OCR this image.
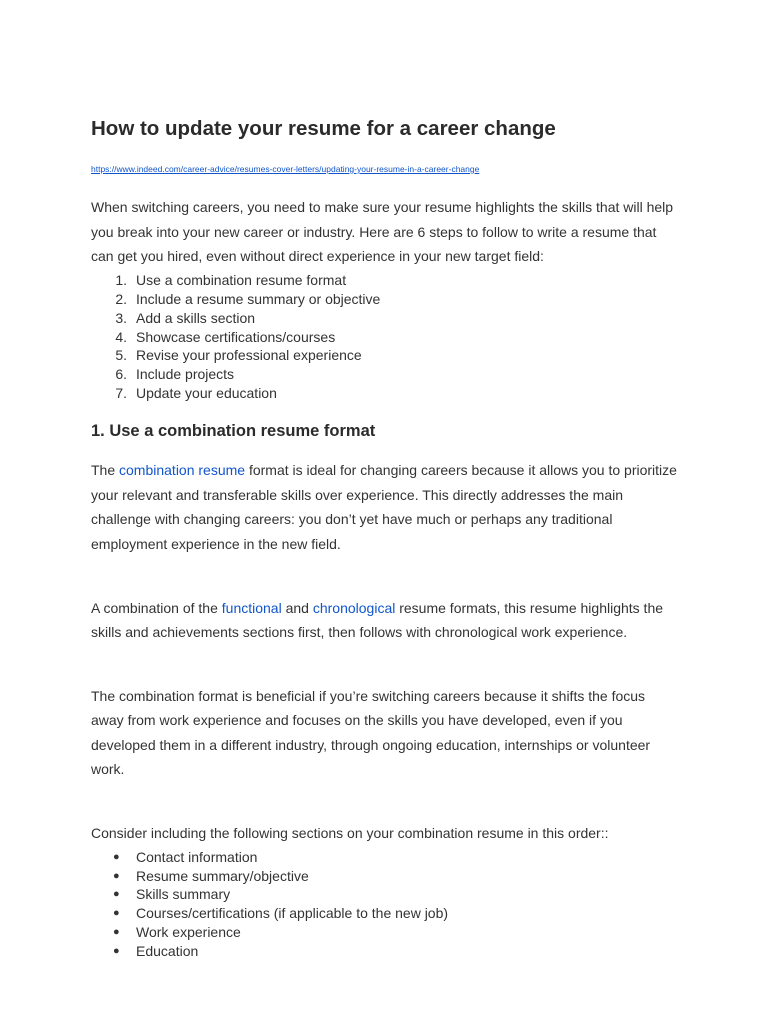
How to update your resume for a career change
https://www.indeed.com/career-advice/resumes-cover-letters/updating-your-resume-in-a-career-change

When switching careers, you need to make sure your resume highlights the skills that will help you break into your new career or industry. Here are 6 steps to follow to write a resume that can get you hired, even without direct experience in your new target field:

1. Use a combination resume format
2. Include a resume summary or objective
3. Add a skills section
4. Showcase certifications/courses
5. Revise your professional experience
6. Include projects
7. Update your education
1. Use a combination resume format

The combination resume format is ideal for changing careers because it allows you to prioritize your relevant and transferable skills over experience. This directly addresses the main challenge with changing careers: you don’t yet have much or perhaps any traditional employment experience in the new field.

A combination of the functional and chronological resume formats, this resume highlights the skills and achievements sections first, then follows with chronological work experience.

The combination format is beneficial if you’re switching careers because it shifts the focus away from work experience and focuses on the skills you have developed, even if you developed them in a different industry, through ongoing education, internships or volunteer work.

Consider including the following sections on your combination resume in this order::

● Contact information
● Resume summary/objective
● Skills summary
● Courses/certifications (if applicable to the new job)
● Work experience
● Education
